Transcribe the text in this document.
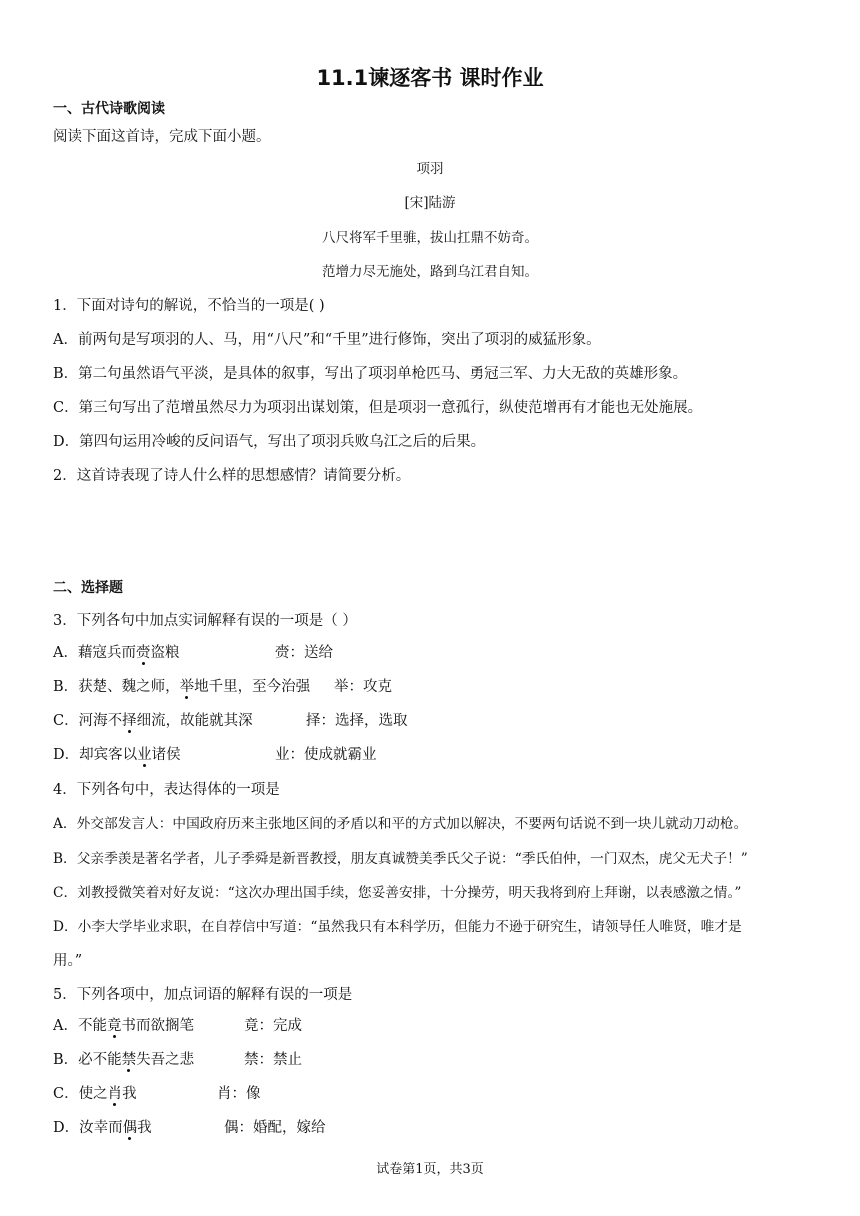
11.1谏逐客书 课时作业
一、古代诗歌阅读
阅读下面这首诗，完成下面小题。
项羽
[宋]陆游
八尺将军千里骓，拔山扛鼎不妨奇。
范增力尽无施处，路到乌江君自知。
1．下面对诗句的解说，不恰当的一项是( )
A．前两句是写项羽的人、马，用“八尺”和“千里”进行修饰，突出了项羽的威猛形象。
B．第二句虽然语气平淡，是具体的叙事，写出了项羽单枪匹马、勇冠三军、力大无敌的英雄形象。
C．第三句写出了范增虽然尽力为项羽出谋划策，但是项羽一意孤行，纵使范增再有才能也无处施展。
D．第四句运用冷峻的反问语气，写出了项羽兵败乌江之后的后果。
2．这首诗表现了诗人什么样的思想感情？请简要分析。
二、选择题
3．下列各句中加点实词解释有误的一项是（ ）
A．藉寇兵而赍盗粮	赍：送给
B．获楚、魏之师，举地千里，至今治强 举：攻克
C．河海不择细流，故能就其深	择：选择，选取
D．却宾客以业诸侯	业：使成就霸业
4．下列各句中，表达得体的一项是
A．外交部发言人：中国政府历来主张地区间的矛盾以和平的方式加以解决，不要两句话说不到一块儿就动刀动枪。
B．父亲季羡是著名学者，儿子季舜是新晋教授，朋友真诚赞美季氏父子说：“季氏伯仲，一门双杰，虎父无犬子！”
C．刘教授微笑着对好友说：“这次办理出国手续，您妥善安排，十分操劳，明天我将到府上拜谢，以表感激之情。”
D．小李大学毕业求职，在自荐信中写道：“虽然我只有本科学历，但能力不逊于研究生，请领导任人唯贤，唯才是
用。”
5．下列各项中，加点词语的解释有误的一项是
A．不能竟书而欲搁笔	竟：完成
B．必不能禁失吾之悲	禁：禁止
C．使之肖我	肖：像
D．汝幸而偶我	偶：婚配，嫁给
试卷第1页，共3页
